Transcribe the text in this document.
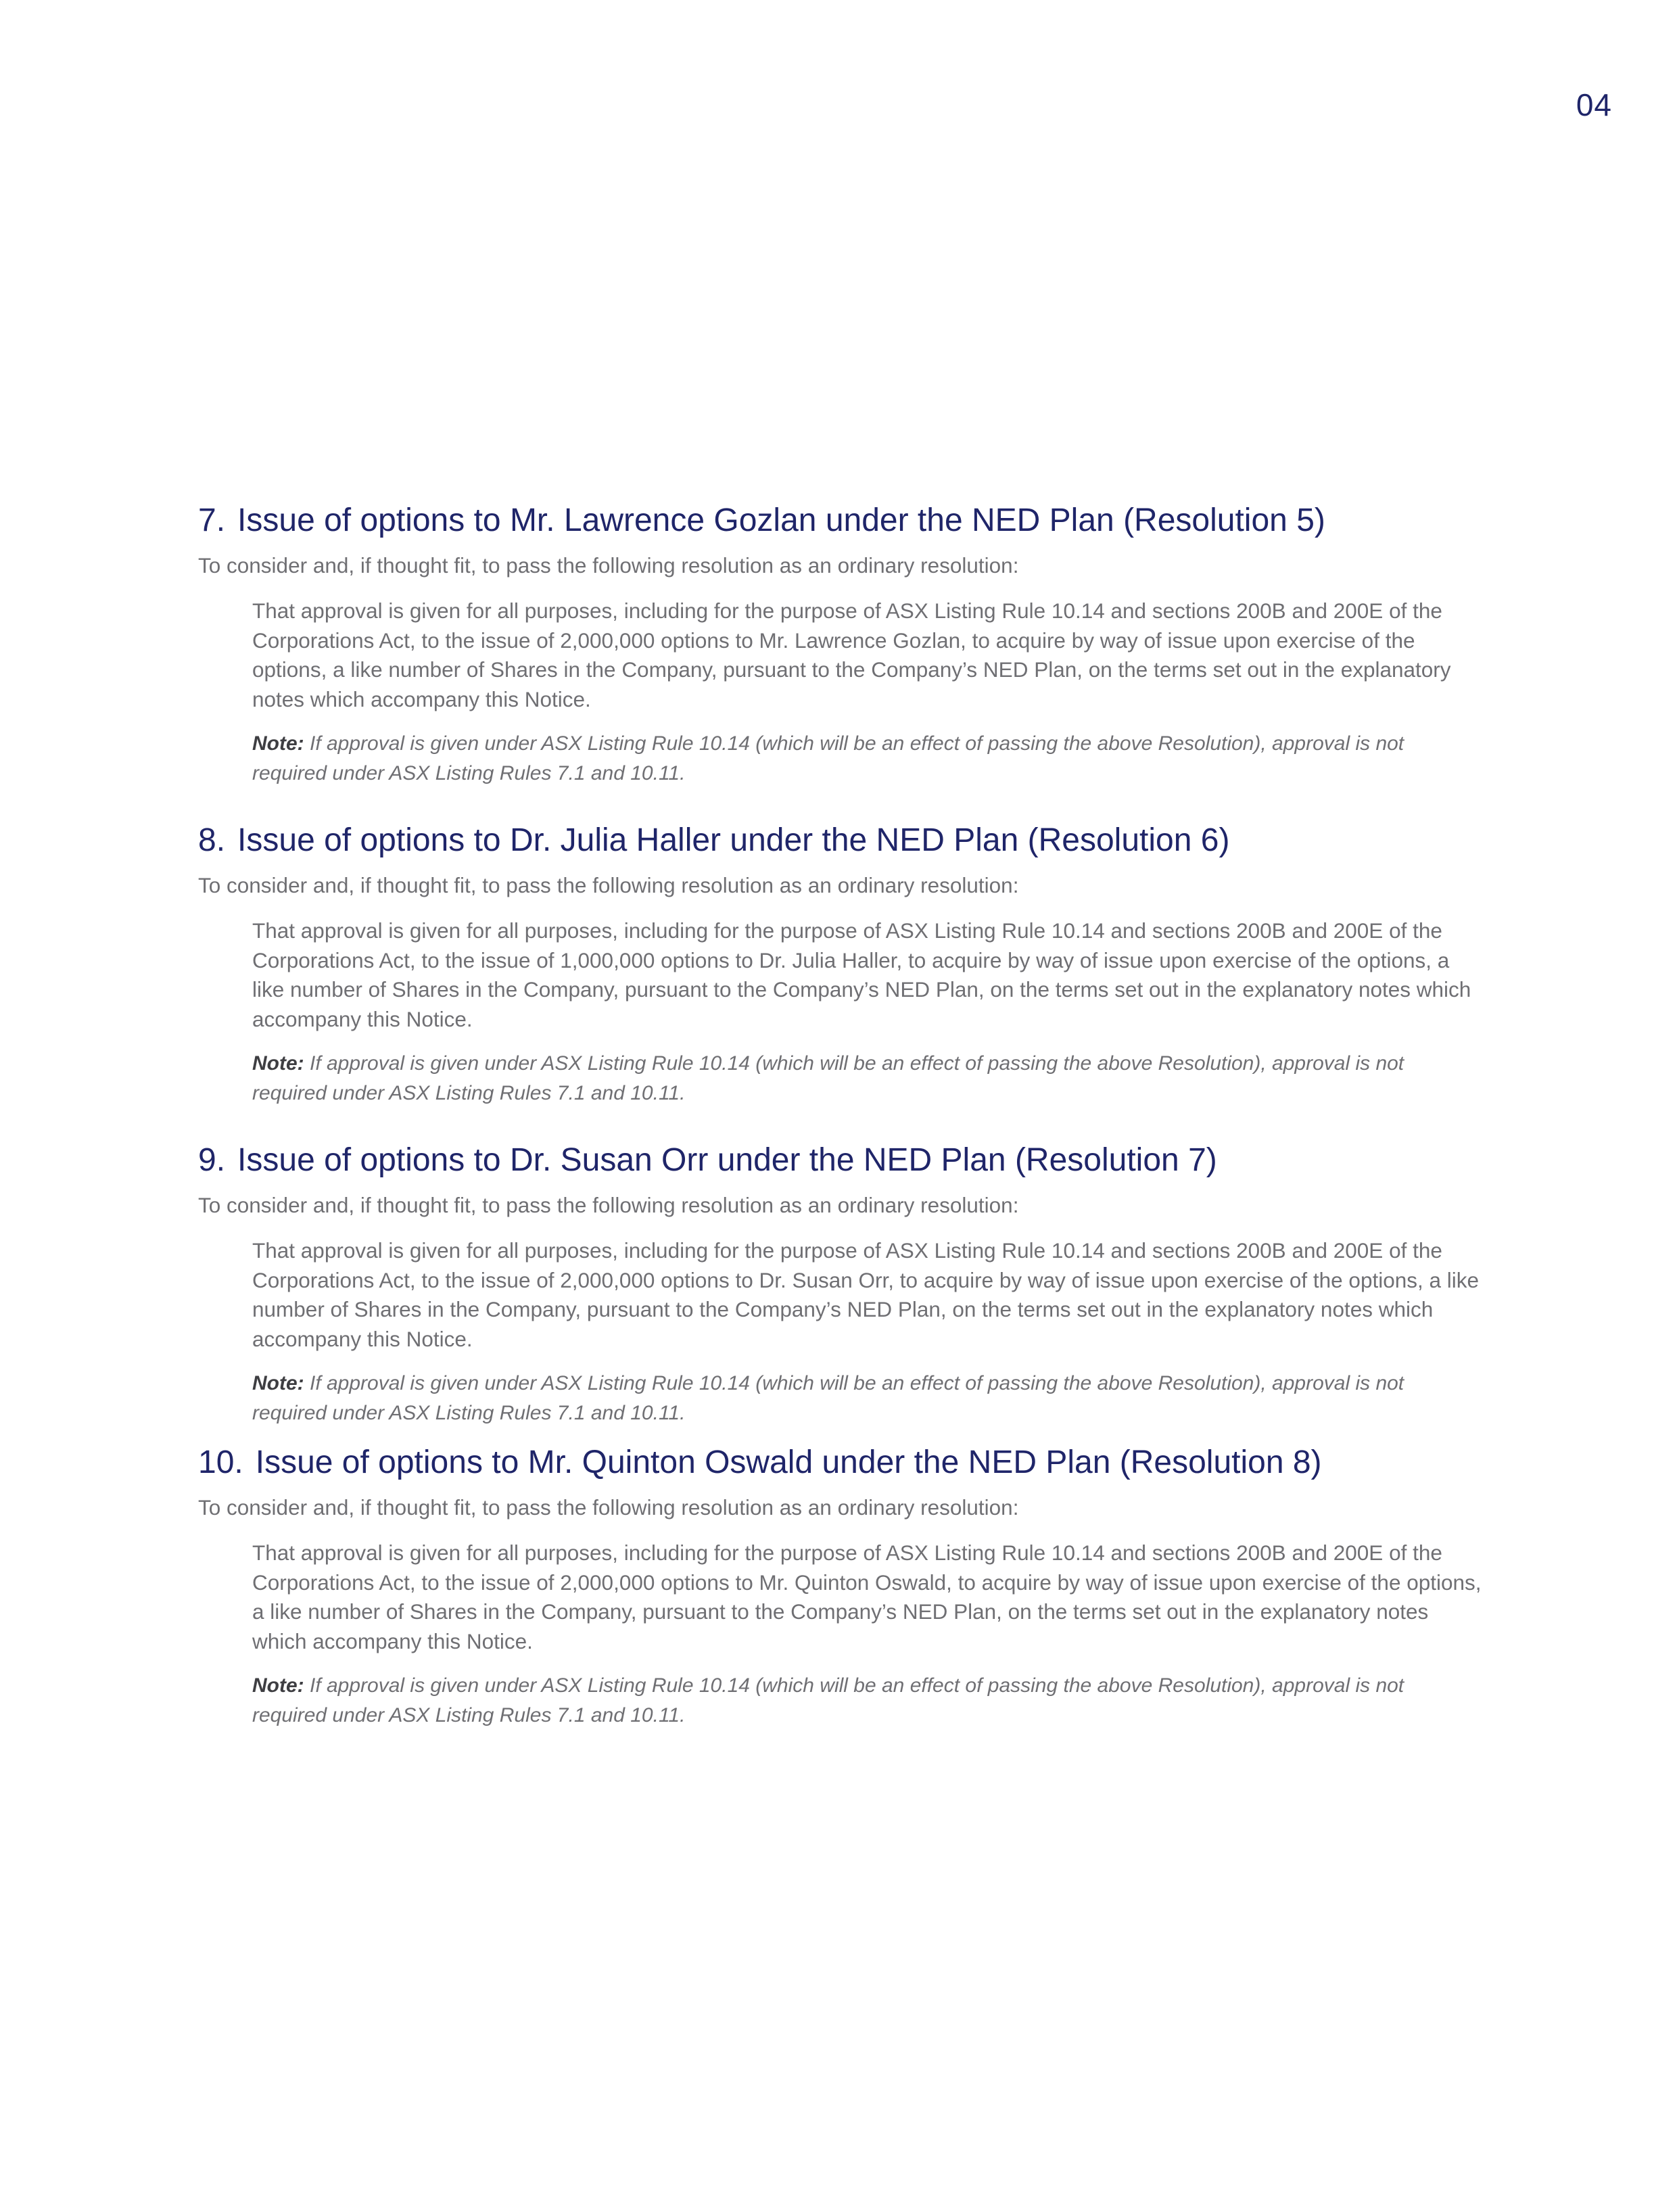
04
7. Issue of options to Mr. Lawrence Gozlan under the NED Plan (Resolution 5)

To consider and, if thought fit, to pass the following resolution as an ordinary resolution:

That approval is given for all purposes, including for the purpose of ASX Listing Rule 10.14 and sections 200B and 200E of the Corporations Act, to the issue of 2,000,000 options to Mr. Lawrence Gozlan, to acquire by way of issue upon exercise of the options, a like number of Shares in the Company, pursuant to the Company’s NED Plan, on the terms set out in the explanatory notes which accompany this Notice.

Note: If approval is given under ASX Listing Rule 10.14 (which will be an effect of passing the above Resolution), approval is not required under ASX Listing Rules 7.1 and 10.11.

8. Issue of options to Dr. Julia Haller under the NED Plan (Resolution 6)

To consider and, if thought fit, to pass the following resolution as an ordinary resolution:

That approval is given for all purposes, including for the purpose of ASX Listing Rule 10.14 and sections 200B and 200E of the Corporations Act, to the issue of 1,000,000 options to Dr. Julia Haller, to acquire by way of issue upon exercise of the options, a like number of Shares in the Company, pursuant to the Company’s NED Plan, on the terms set out in the explanatory notes which accompany this Notice.

Note: If approval is given under ASX Listing Rule 10.14 (which will be an effect of passing the above Resolution), approval is not required under ASX Listing Rules 7.1 and 10.11.

9. Issue of options to Dr. Susan Orr under the NED Plan (Resolution 7)

To consider and, if thought fit, to pass the following resolution as an ordinary resolution:

That approval is given for all purposes, including for the purpose of ASX Listing Rule 10.14 and sections 200B and 200E of the Corporations Act, to the issue of 2,000,000 options to Dr. Susan Orr, to acquire by way of issue upon exercise of the options, a like number of Shares in the Company, pursuant to the Company’s NED Plan, on the terms set out in the explanatory notes which accompany this Notice.

Note: If approval is given under ASX Listing Rule 10.14 (which will be an effect of passing the above Resolution), approval is not required under ASX Listing Rules 7.1 and 10.11.

10. Issue of options to Mr. Quinton Oswald under the NED Plan (Resolution 8)

To consider and, if thought fit, to pass the following resolution as an ordinary resolution:

That approval is given for all purposes, including for the purpose of ASX Listing Rule 10.14 and sections 200B and 200E of the Corporations Act, to the issue of 2,000,000 options to Mr. Quinton Oswald, to acquire by way of issue upon exercise of the options, a like number of Shares in the Company, pursuant to the Company’s NED Plan, on the terms set out in the explanatory notes which accompany this Notice.

Note: If approval is given under ASX Listing Rule 10.14 (which will be an effect of passing the above Resolution), approval is not required under ASX Listing Rules 7.1 and 10.11.
